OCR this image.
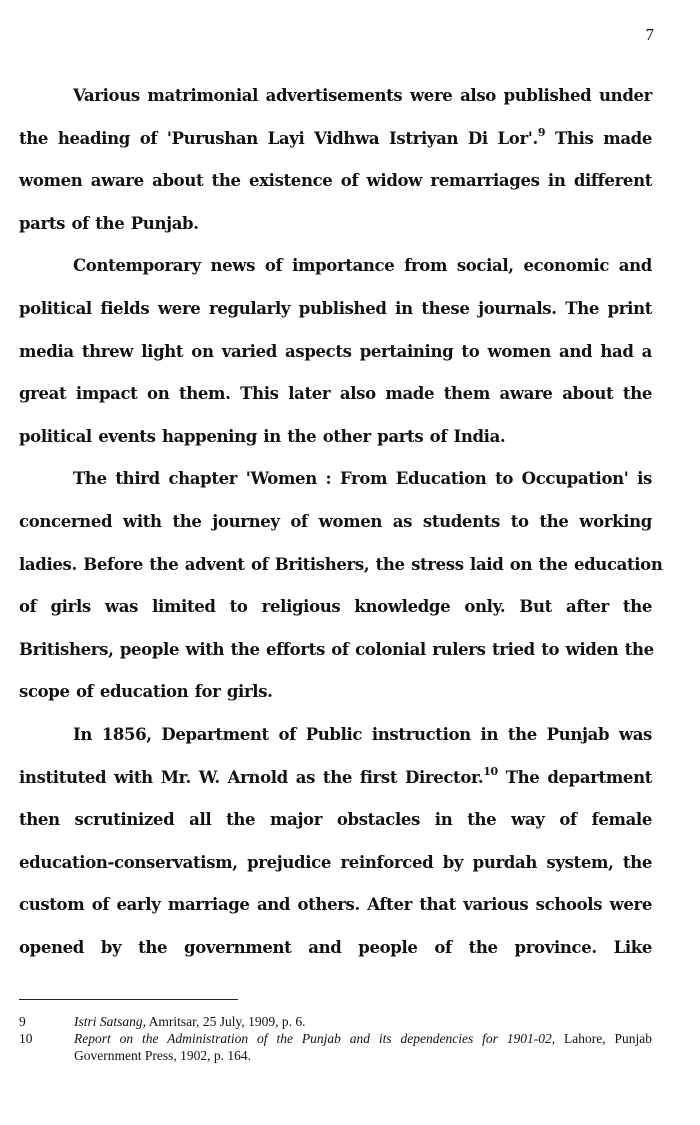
7
Various matrimonial advertisements were also published under
the heading of 'Purushan Layi Vidhwa Istriyan Di Lor'.$^9$ This made
women aware about the existence of widow remarriages in different
parts of the Punjab.
Contemporary news of importance from social, economic and
political fields were regularly published in these journals. The print
media threw light on varied aspects pertaining to women and had a
great impact on them. This later also made them aware about the
political events happening in the other parts of India.
The third chapter 'Women : From Education to Occupation' is
concerned with the journey of women as students to the working
ladies. Before the advent of Britishers, the stress laid on the education
of girls was limited to religious knowledge only. But after the
Britishers, people with the efforts of colonial rulers tried to widen the
scope of education for girls.
In 1856, Department of Public instruction in the Punjab was
instituted with Mr. W. Arnold as the first Director.$^{10}$ The department
then scrutinized all the major obstacles in the way of female
education-conservatism, prejudice reinforced by purdah system, the
custom of early marriage and others. After that various schools were
opened by the government and people of the province. Like
9	Istri Satsang, Amritsar, 25 July, 1909, p. 6.
10	Report on the Administration of the Punjab and its dependencies for 1901-02, Lahore, Punjab
Government Press, 1902, p. 164.
